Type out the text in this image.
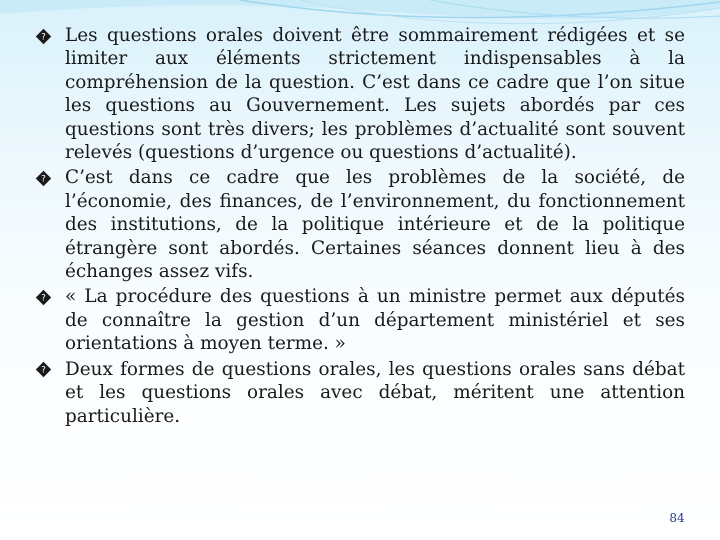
? Les questions orales doivent être sommairement rédigées et se limiter aux éléments strictement indispensables à la compréhension de la question. C’est dans ce cadre que l’on situe les questions au Gouvernement. Les sujets abordés par ces questions sont très divers; les problèmes d’actualité sont souvent relevés (questions d’urgence ou questions d’actualité).

? C’est dans ce cadre que les problèmes de la société, de l’économie, des finances, de l’environnement, du fonctionnement des institutions, de la politique intérieure et de la politique étrangère sont abordés. Certaines séances donnent lieu à des échanges assez vifs.

? « La procédure des questions à un ministre permet aux députés de connaître la gestion d’un département ministériel et ses orientations à moyen terme. »

? Deux formes de questions orales, les questions orales sans débat et les questions orales avec débat, méritent une attention particulière.

84
